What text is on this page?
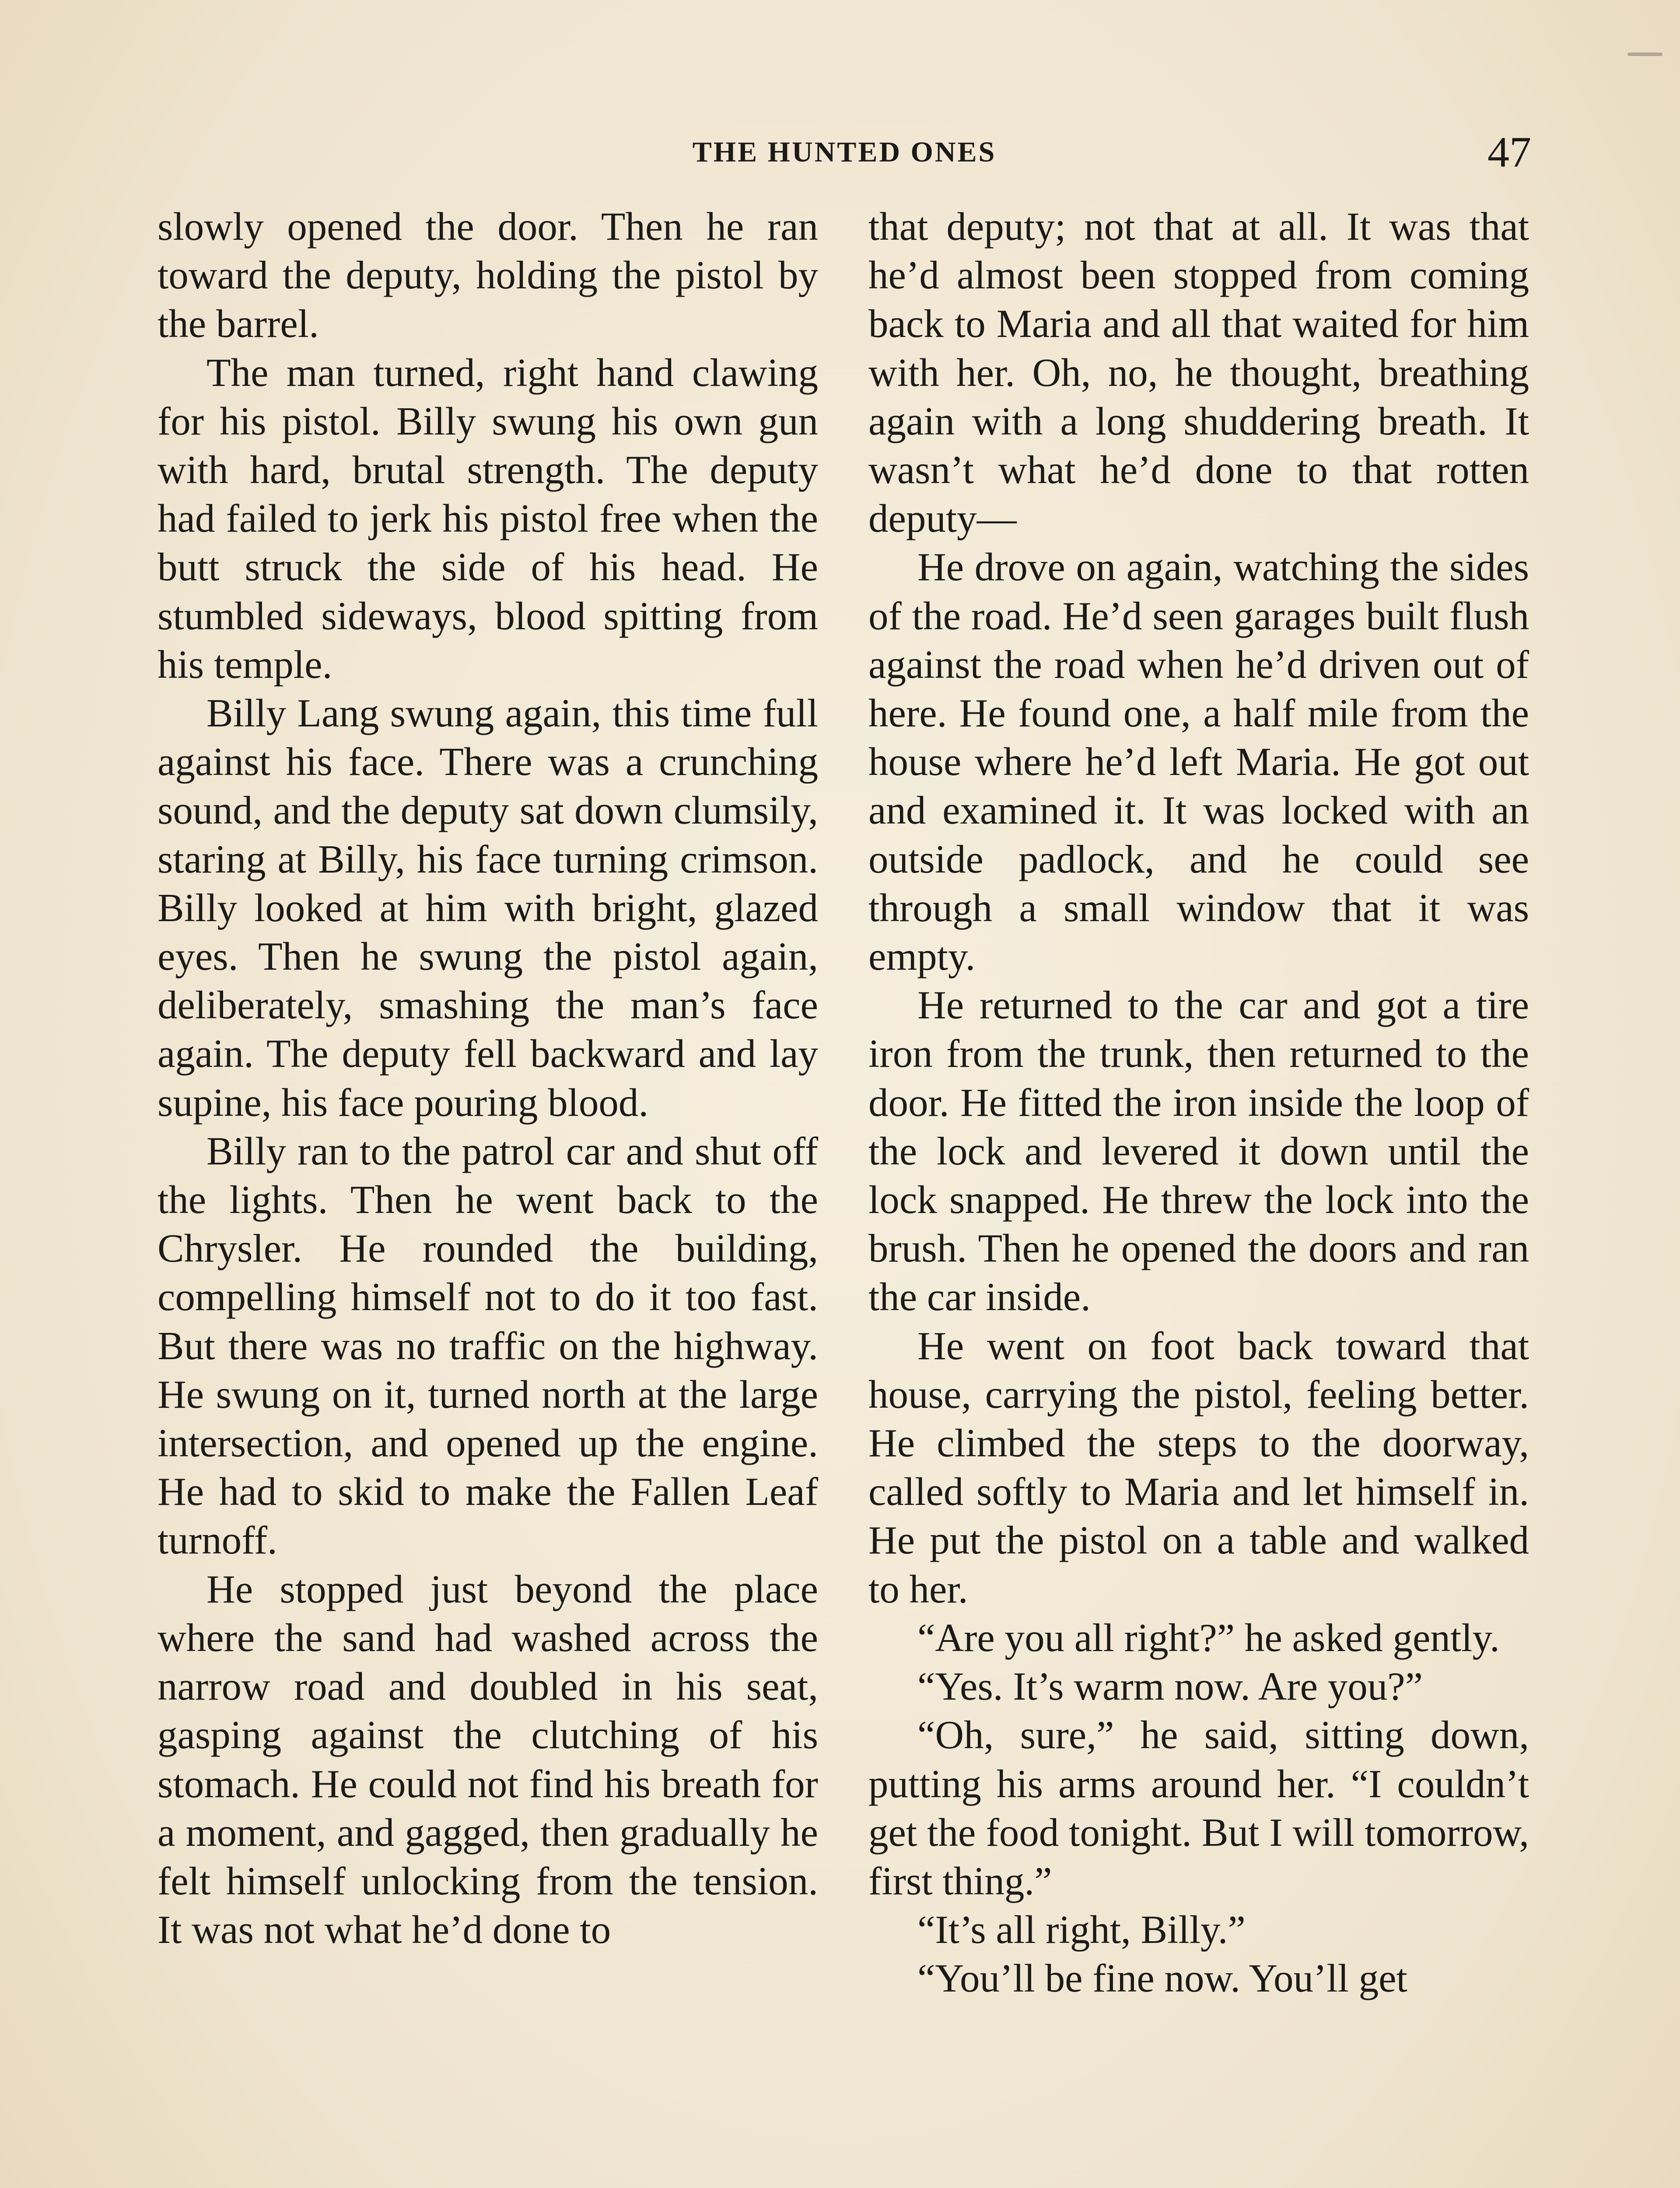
THE HUNTED ONES	47

slowly opened the door. Then he ran toward the deputy, holding the pistol by the barrel.

The man turned, right hand clawing for his pistol. Billy swung his own gun with hard, brutal strength. The deputy had failed to jerk his pistol free when the butt struck the side of his head. He stumbled sideways, blood spitting from his temple.

Billy Lang swung again, this time full against his face. There was a crunching sound, and the deputy sat down clumsily, staring at Billy, his face turning crimson. Billy looked at him with bright, glazed eyes. Then he swung the pistol again, deliberately, smashing the man’s face again. The deputy fell backward and lay supine, his face pouring blood.

Billy ran to the patrol car and shut off the lights. Then he went back to the Chrysler. He rounded the building, compelling himself not to do it too fast. But there was no traffic on the highway. He swung on it, turned north at the large intersection, and opened up the engine. He had to skid to make the Fallen Leaf turnoff.

He stopped just beyond the place where the sand had washed across the narrow road and doubled in his seat, gasping against the clutching of his stomach. He could not find his breath for a moment, and gagged, then gradually he felt himself unlocking from the tension. It was not what he’d done to

that deputy; not that at all. It was that he’d almost been stopped from coming back to Maria and all that waited for him with her. Oh, no, he thought, breathing again with a long shuddering breath. It wasn’t what he’d done to that rotten deputy—

He drove on again, watching the sides of the road. He’d seen garages built flush against the road when he’d driven out of here. He found one, a half mile from the house where he’d left Maria. He got out and examined it. It was locked with an outside padlock, and he could see through a small window that it was empty.

He returned to the car and got a tire iron from the trunk, then returned to the door. He fitted the iron inside the loop of the lock and levered it down until the lock snapped. He threw the lock into the brush. Then he opened the doors and ran the car inside.

He went on foot back toward that house, carrying the pistol, feeling better. He climbed the steps to the doorway, called softly to Maria and let himself in. He put the pistol on a table and walked to her.

“Are you all right?” he asked gently.

“Yes. It’s warm now. Are you?”

“Oh, sure,” he said, sitting down, putting his arms around her. “I couldn’t get the food tonight. But I will tomorrow, first thing.”

“It’s all right, Billy.”

“You’ll be fine now. You’ll get
